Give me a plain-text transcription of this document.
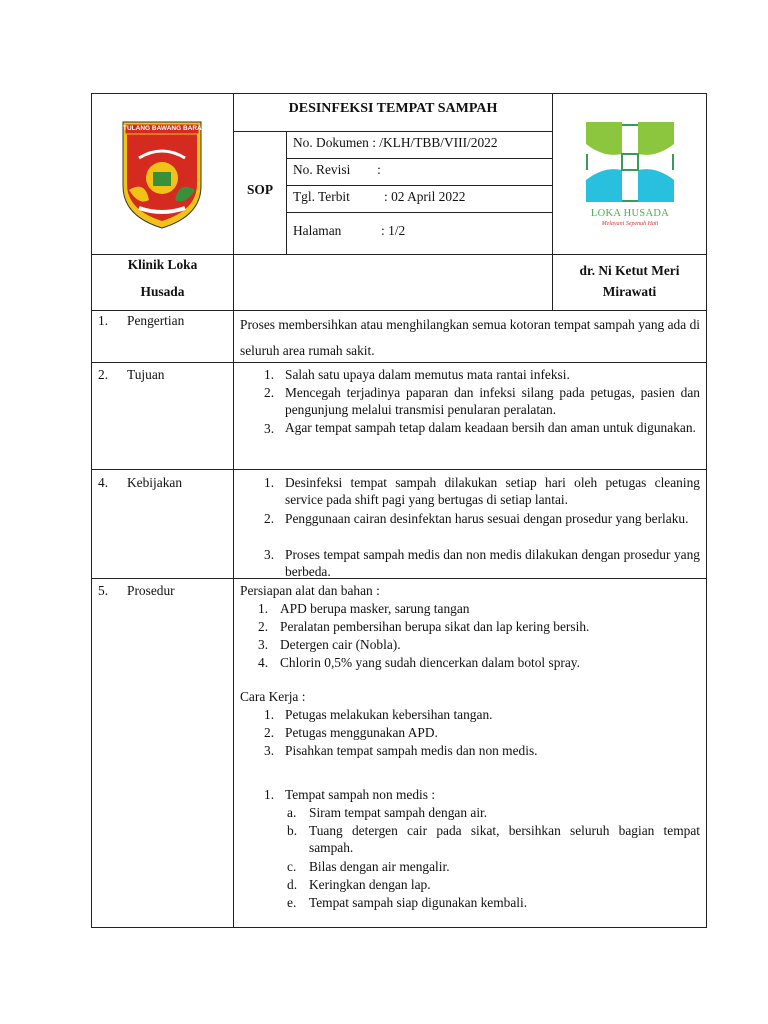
TULANG BAWANG BARAT
DESINFEKSI TEMPAT SAMPAH
SOP
No. Dokumen : /KLH/TBB/VIII/2022
No. Revisi        :
Tgl. Terbit	: 02 April 2022
Halaman	: 1/2
LOKA HUSADA
Melayani Sepenuh Hati
Klinik Loka
Husada
dr. Ni Ketut Meri
Mirawati
1. Pengertian	Proses membersihkan atau menghilangkan semua kotoran tempat sampah yang ada di seluruh area rumah sakit.
2. Tujuan	1. Salah satu upaya dalam memutus mata rantai infeksi.
2. Mencegah terjadinya paparan dan infeksi silang pada petugas, pasien dan pengunjung melalui transmisi penularan peralatan.
3. Agar tempat sampah tetap dalam keadaan bersih dan aman untuk digunakan.
4. Kebijakan	1. Desinfeksi tempat sampah dilakukan setiap hari oleh petugas cleaning service pada shift pagi yang bertugas di setiap lantai.
2. Penggunaan cairan desinfektan harus sesuai dengan prosedur yang berlaku.
3. Proses tempat sampah medis dan non medis dilakukan dengan prosedur yang berbeda.
5. Prosedur	Persiapan alat dan bahan :
1. APD berupa masker, sarung tangan
2. Peralatan pembersihan berupa sikat dan lap kering bersih.
3. Detergen cair (Nobla).
4. Chlorin 0,5% yang sudah diencerkan dalam botol spray.
Cara Kerja :
1. Petugas melakukan kebersihan tangan.
2. Petugas menggunakan APD.
3. Pisahkan tempat sampah medis dan non medis.
1. Tempat sampah non medis :
a. Siram tempat sampah dengan air.
b. Tuang detergen cair pada sikat, bersihkan seluruh bagian tempat sampah.
c. Bilas dengan air mengalir.
d. Keringkan dengan lap.
e. Tempat sampah siap digunakan kembali.
